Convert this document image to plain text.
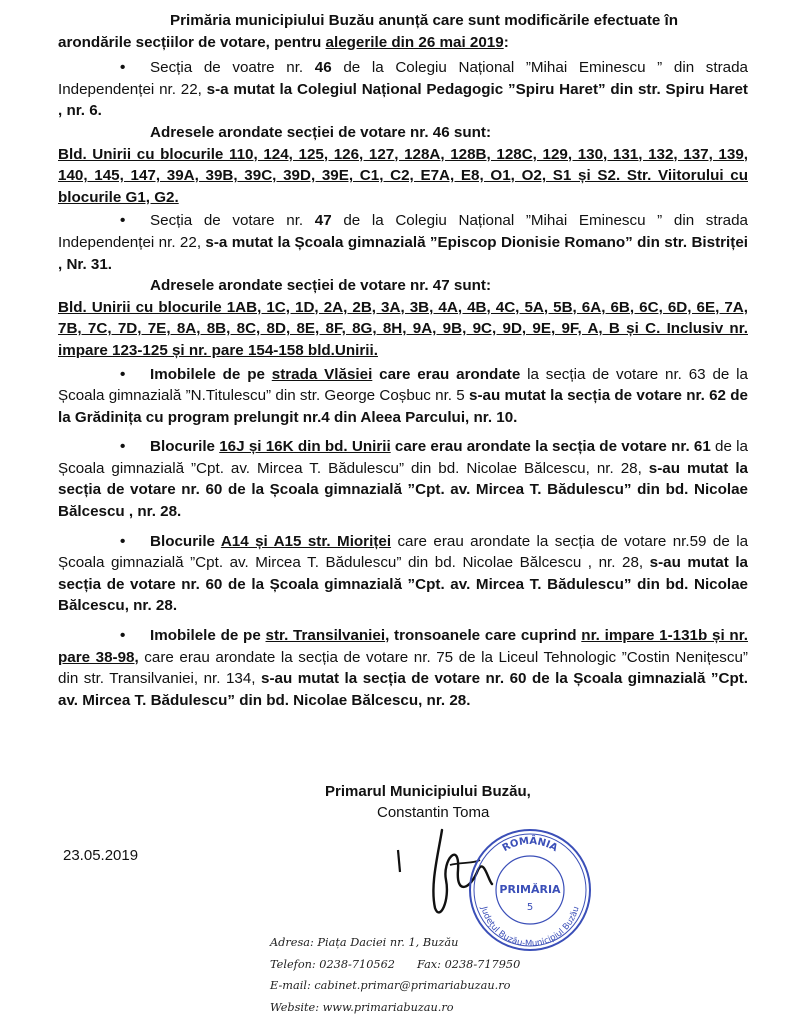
Primăria municipiului Buzău anunță care sunt modificările efectuate în arondările secțiilor de votare, pentru alegerile din 26 mai 2019:

•	Secția de voatre nr. 46 de la Colegiu Național ”Mihai Eminescu ” din strada Independenței nr. 22, s-a mutat la Colegiul Național Pedagogic ”Spiru Haret” din str. Spiru Haret , nr. 6.

Adresele arondate secției de votare nr. 46 sunt:

Bld. Unirii cu blocurile 110, 124, 125, 126, 127, 128A, 128B, 128C, 129, 130, 131, 132, 137, 139, 140, 145, 147, 39A, 39B, 39C, 39D, 39E, C1, C2, E7A, E8, O1, O2, S1 și S2. Str. Viitorului cu blocurile G1, G2.

•	Secția de votare nr. 47 de la Colegiu Național ”Mihai Eminescu ” din strada Independenței nr. 22, s-a mutat la Școala gimnazială ”Episcop Dionisie Romano” din str. Bistriței , Nr. 31.

Adresele arondate secției de votare nr. 47 sunt:

Bld. Unirii cu blocurile 1AB, 1C, 1D, 2A, 2B, 3A, 3B, 4A, 4B, 4C, 5A, 5B, 6A, 6B, 6C, 6D, 6E, 7A, 7B, 7C, 7D, 7E, 8A, 8B, 8C, 8D, 8E, 8F, 8G, 8H, 9A, 9B, 9C, 9D, 9E, 9F, A, B și C. Inclusiv nr. impare 123-125 și nr. pare 154-158 bld.Unirii.

•	Imobilele de pe strada Vlăsiei care erau arondate la secția de votare nr. 63 de la Școala gimnazială ”N.Titulescu” din str. George Coșbuc nr. 5 s-au mutat la secția de votare nr. 62 de la Grădinița cu program prelungit nr.4 din Aleea Parcului, nr. 10.
•	Blocurile 16J și 16K din bd. Unirii care erau arondate la secția de votare nr. 61 de la Școala gimnazială ”Cpt. av. Mircea T. Bădulescu” din bd. Nicolae Bălcescu, nr. 28, s-au mutat la secția de votare nr. 60 de la Școala gimnazială ”Cpt. av. Mircea T. Bădulescu” din bd. Nicolae Bălcescu , nr. 28.
•	Blocurile A14 și A15 str. Mioriței care erau arondate la secția de votare nr.59 de la Școala gimnazială ”Cpt. av. Mircea T. Bădulescu” din bd. Nicolae Bălcescu , nr. 28, s-au mutat la secția de votare nr. 60 de la Școala gimnazială ”Cpt. av. Mircea T. Bădulescu” din bd. Nicolae Bălcescu, nr. 28.
•	Imobilele de pe str. Transilvaniei, tronsoanele care cuprind nr. impare 1-131b și nr. pare 38-98, care erau arondate la secția de votare nr. 75 de la Liceul Tehnologic ”Costin Nenițescu” din str. Transilvaniei, nr. 134, s-au mutat la secția de votare nr. 60 de la Școala gimnazială ”Cpt. av. Mircea T. Bădulescu” din bd. Nicolae Bălcescu, nr. 28.
Primarul Municipiului Buzău,
Constantin Toma
23.05.2019	ROMÂNIA
Județul Buzău-Municipiul Buzău
PRIMĂRIA
5
Adresa: Piața Daciei nr. 1, Buzău
Telefon: 0238-710562 Fax: 0238-717950
E-mail: cabinet.primar@primariabuzau.ro
Website: www.primariabuzau.ro
